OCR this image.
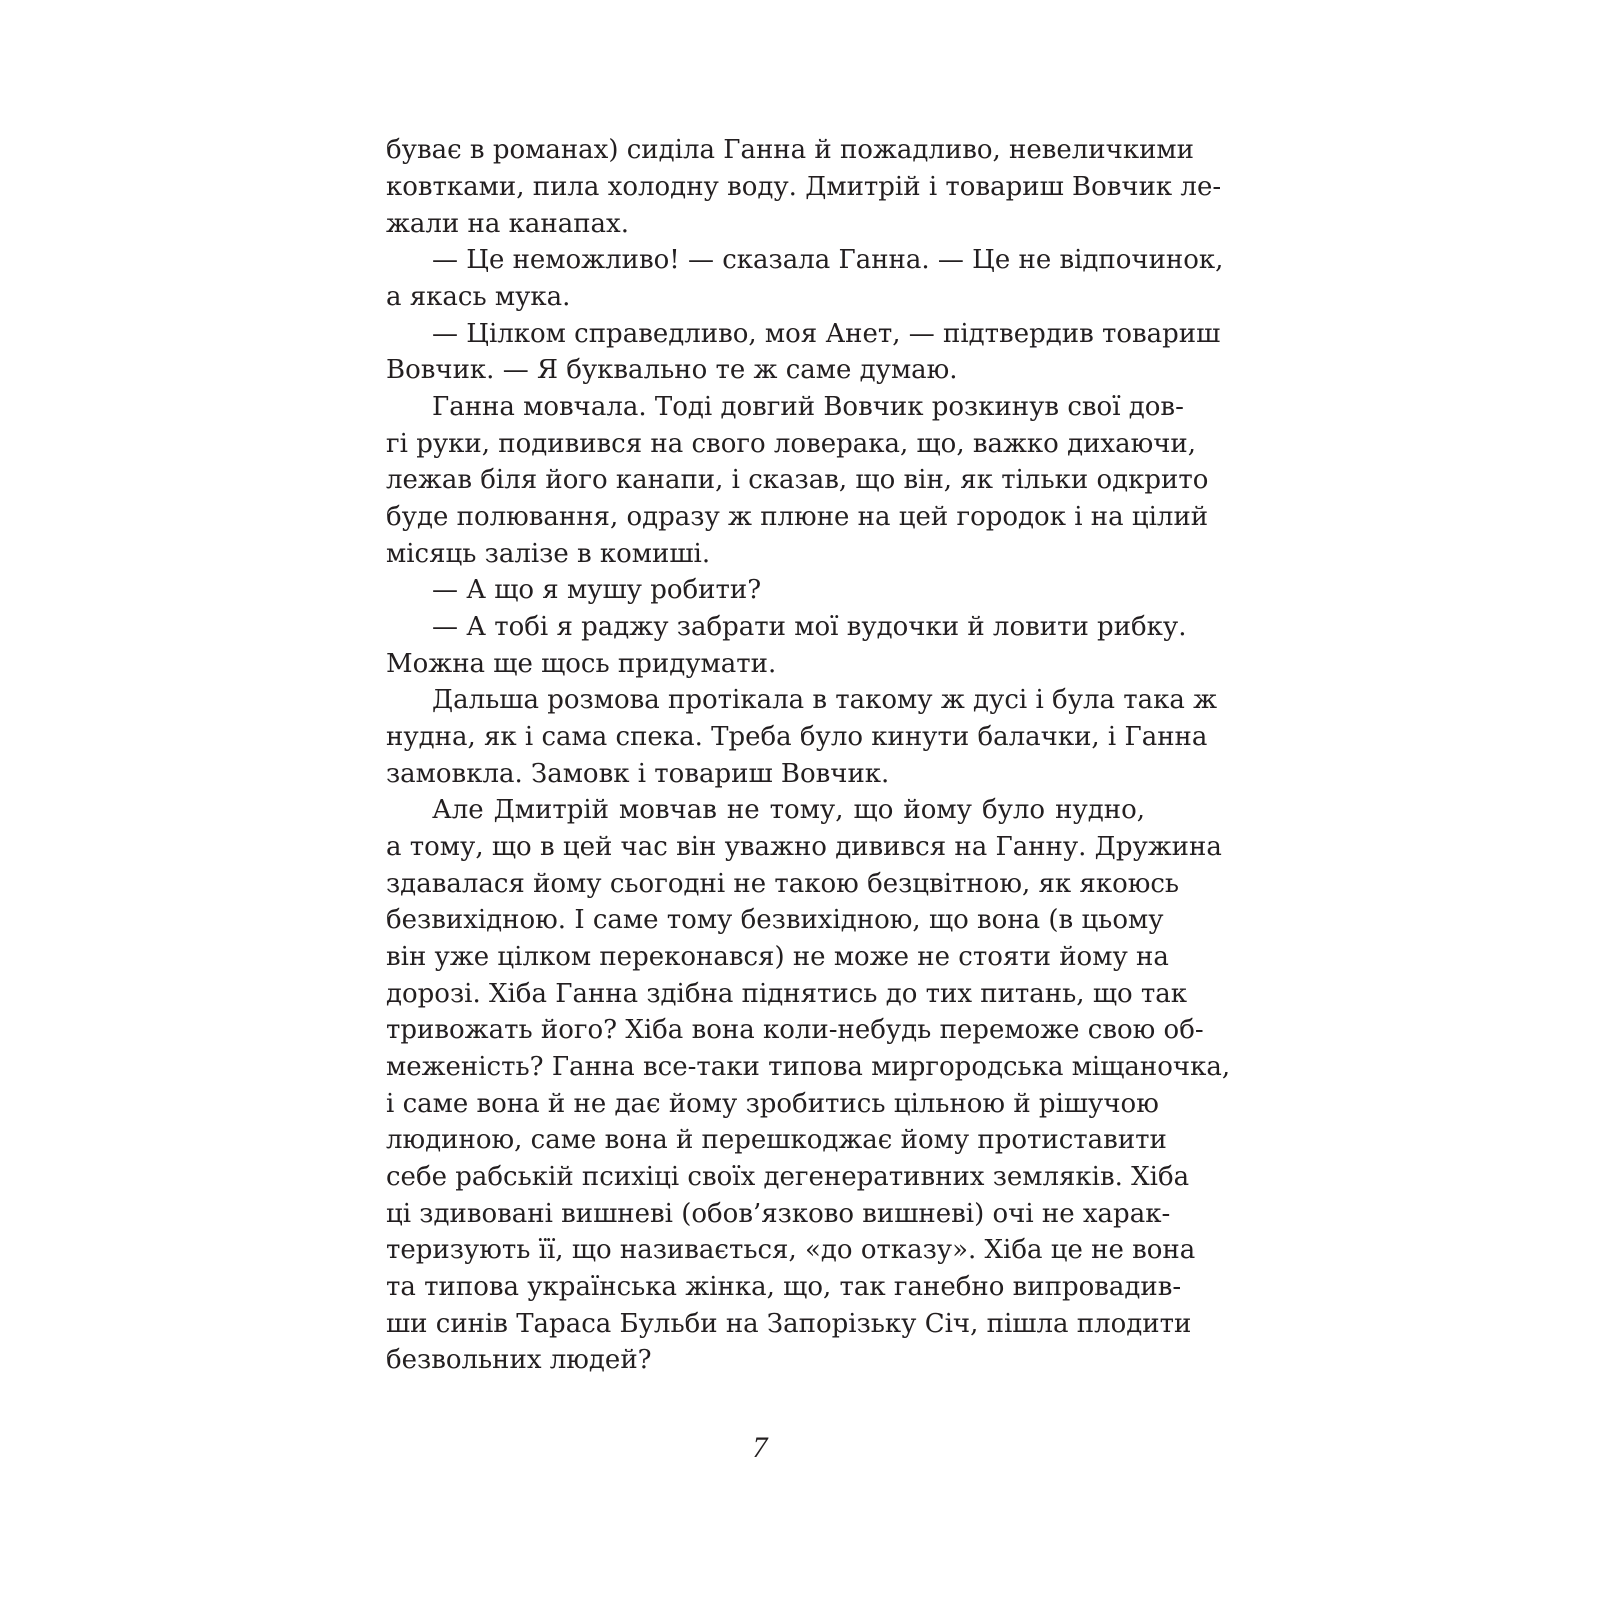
буває в романах) сиділа Ганна й пожадливо, невеличкими
ковтками, пила холодну воду. Дмитрій і товариш Вовчик ле-
жали на канапах.
— Це неможливо! — сказала Ганна. — Це не відпочинок,
а якась мука.
— Цілком справедливо, моя Анет, — підтвердив товариш
Вовчик. — Я буквально те ж саме думаю.
Ганна мовчала. Тоді довгий Вовчик розкинув свої дов-
гі руки, подивився на свого ловерака, що, важко дихаючи,
лежав біля його канапи, і сказав, що він, як тільки одкрито
буде полювання, одразу ж плюне на цей городок і на цілий
місяць залізе в комиші.
— А що я мушу робити?
— А тобі я раджу забрати мої вудочки й ловити рибку.
Можна ще щось придумати.
Дальша розмова протікала в такому ж дусі і була така ж
нудна, як і сама спека. Треба було кинути балачки, і Ганна
замовкла. Замовк і товариш Вовчик.
Але Дмитрій мовчав не тому, що йому було нудно,
а тому, що в цей час він уважно дивився на Ганну. Дружина
здавалася йому сьогодні не такою безцвітною, як якоюсь
безвихідною. І саме тому безвихідною, що вона (в цьому
він уже цілком переконався) не може не стояти йому на
дорозі. Хіба Ганна здібна піднятись до тих питань, що так
тривожать його? Хіба вона коли-небудь переможе свою об-
меженість? Ганна все-таки типова миргородська міщаночка,
і саме вона й не дає йому зробитись цільною й рішучою
людиною, саме вона й перешкоджає йому протиставити
себе рабській психіці своїх дегенеративних земляків. Хіба
ці здивовані вишневі (обов’язково вишневі) очі не харак-
теризують її, що називається, «до отказу». Хіба це не вона
та типова українська жінка, що, так ганебно випровадив-
ши синів Тараса Бульби на Запорізьку Січ, пішла плодити
безвольних людей?
7
